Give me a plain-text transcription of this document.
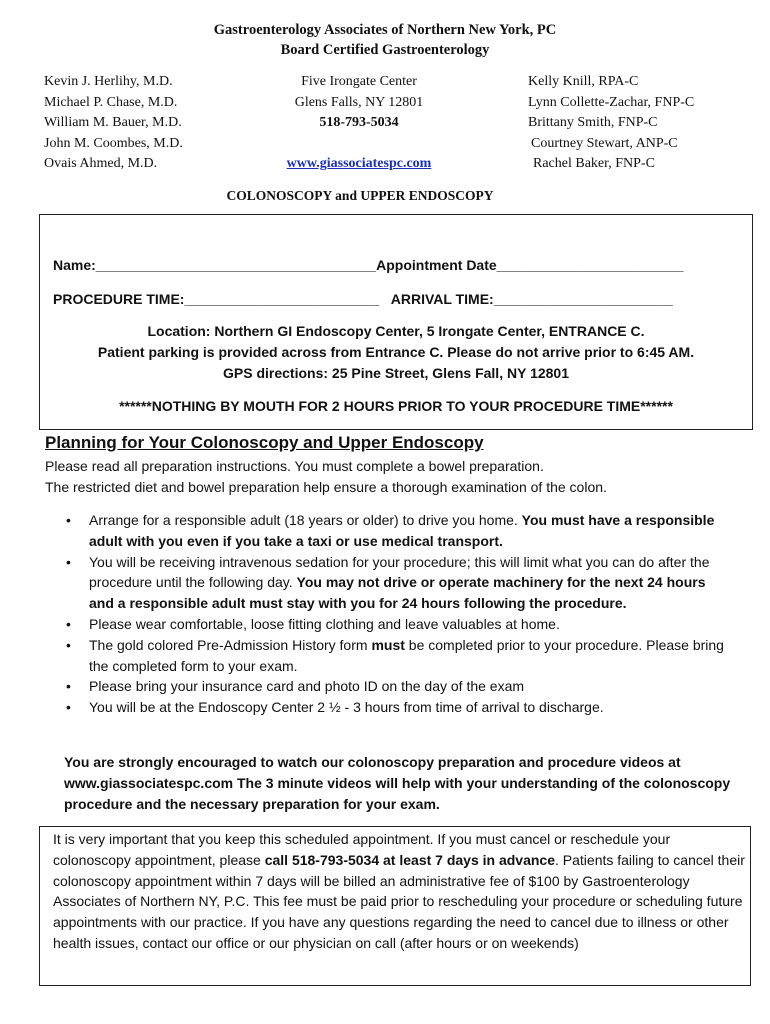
Gastroenterology Associates of Northern New York, PC
Board Certified Gastroenterology
Kevin J. Herlihy, M.D.
Michael P. Chase, M.D.
William M. Bauer, M.D.
John M. Coombes, M.D.
Ovais Ahmed, M.D.
Five Irongate Center
Glens Falls, NY 12801
518-793-5034

www.giassociatespc.com
Kelly Knill, RPA-C
Lynn Collette-Zachar, FNP-C
Brittany Smith, FNP-C
Courtney Stewart, ANP-C
Rachel Baker, FNP-C
COLONOSCOPY and UPPER ENDOSCOPY
Name:____________________________________Appointment Date________________________
PROCEDURE TIME:_________________________ ARRIVAL TIME:_______________________
Location: Northern GI Endoscopy Center, 5 Irongate Center, ENTRANCE C.
Patient parking is provided across from Entrance C. Please do not arrive prior to 6:45 AM.
GPS directions: 25 Pine Street, Glens Fall, NY 12801
******NOTHING BY MOUTH FOR 2 HOURS PRIOR TO YOUR PROCEDURE TIME******
Planning for Your Colonoscopy and Upper Endoscopy
Please read all preparation instructions. You must complete a bowel preparation.
The restricted diet and bowel preparation help ensure a thorough examination of the colon.
• Arrange for a responsible adult (18 years or older) to drive you home. You must have a responsible adult with you even if you take a taxi or use medical transport.
• You will be receiving intravenous sedation for your procedure; this will limit what you can do after the procedure until the following day. You may not drive or operate machinery for the next 24 hours and a responsible adult must stay with you for 24 hours following the procedure.
• Please wear comfortable, loose fitting clothing and leave valuables at home.
• The gold colored Pre-Admission History form must be completed prior to your procedure. Please bring the completed form to your exam.
• Please bring your insurance card and photo ID on the day of the exam
• You will be at the Endoscopy Center 2 ½ - 3 hours from time of arrival to discharge.
You are strongly encouraged to watch our colonoscopy preparation and procedure videos at www.giassociatespc.com The 3 minute videos will help with your understanding of the colonoscopy procedure and the necessary preparation for your exam.
It is very important that you keep this scheduled appointment. If you must cancel or reschedule your colonoscopy appointment, please call 518-793-5034 at least 7 days in advance. Patients failing to cancel their colonoscopy appointment within 7 days will be billed an administrative fee of $100 by Gastroenterology Associates of Northern NY, P.C. This fee must be paid prior to rescheduling your procedure or scheduling future appointments with our practice. If you have any questions regarding the need to cancel due to illness or other health issues, contact our office or our physician on call (after hours or on weekends)
